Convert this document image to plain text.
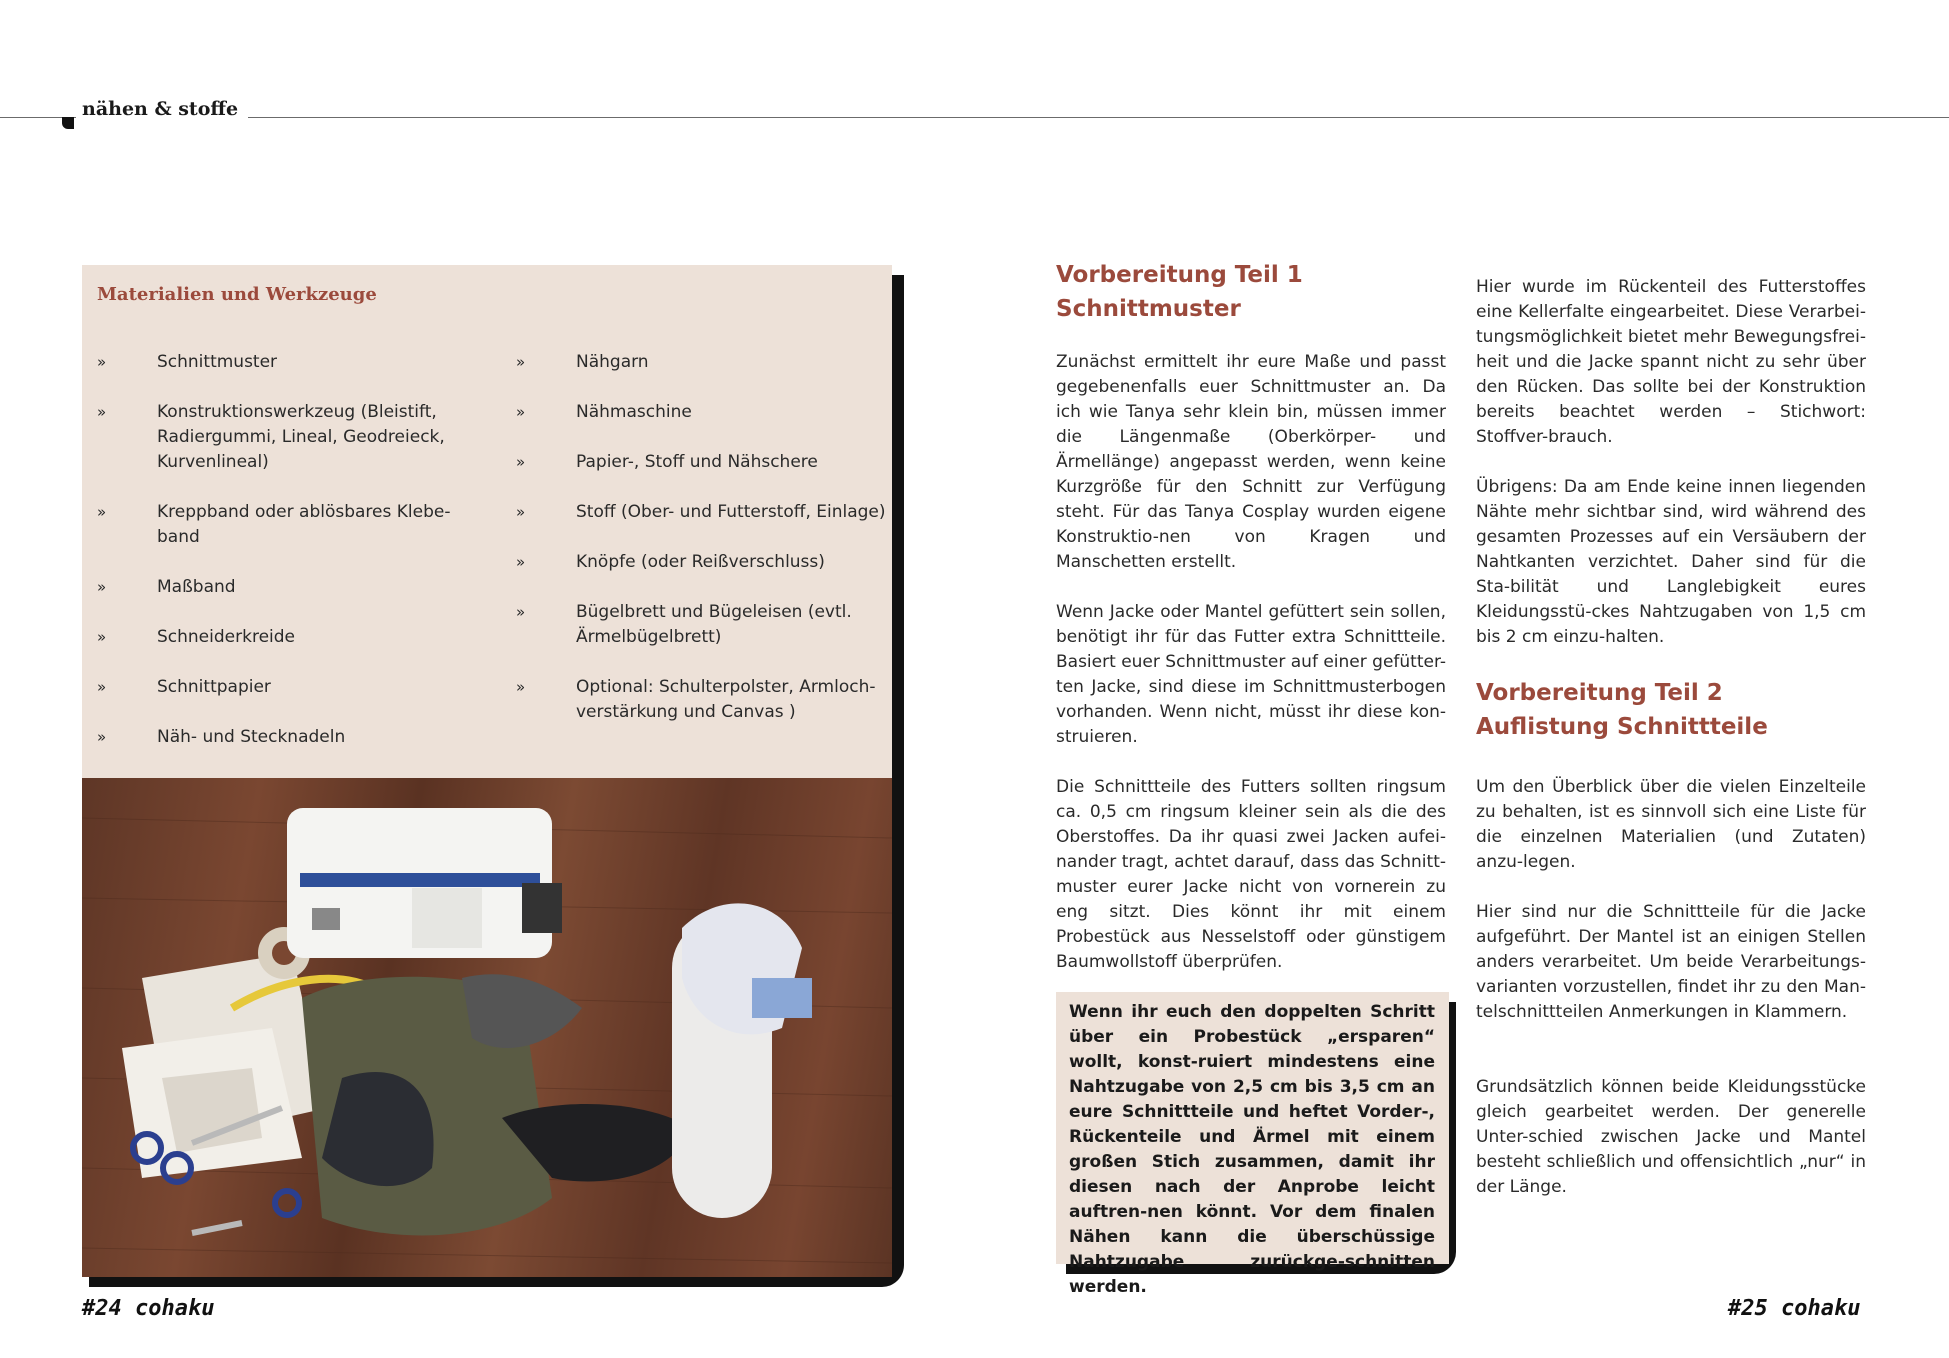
nähen & stoffe
Materialien und Werkzeuge
»	Schnittmuster
»	Konstruktionswerkzeug (Bleistift, Radiergummi, Lineal, Geodreieck, Kurvenlineal)
»	Kreppband oder ablösbares Klebe-band
»	Maßband
»	Schneiderkreide
»	Schnittpapier
»	Näh- und Stecknadeln
»	Nähgarn
»	Nähmaschine
»	Papier-, Stoff und Nähschere
»	Stoff (Ober- und Futterstoff, Einlage)
»	Knöpfe (oder Reißverschluss)
»	Bügelbrett und Bügeleisen (evtl. Ärmelbügelbrett)
»	Optional: Schulterpolster, Armloch-verstärkung und Canvas )
Vorbereitung Teil 1
Schnittmuster

Zunächst ermittelt ihr eure Maße und passt gegebenenfalls euer Schnittmuster an. Da ich wie Tanya sehr klein bin, müssen immer die Längenmaße (Oberkörper- und Ärmellänge) angepasst werden, wenn keine Kurzgröße für den Schnitt zur Verfügung steht. Für das Tanya Cosplay wurden eigene Konstruktio-nen von Kragen und Manschetten erstellt.

Wenn Jacke oder Mantel gefüttert sein sollen, benötigt ihr für das Futter extra Schnittteile. Basiert euer Schnittmuster auf einer gefütter-ten Jacke, sind diese im Schnittmusterbogen vorhanden. Wenn nicht, müsst ihr diese kon-struieren.

Die Schnittteile des Futters sollten ringsum ca. 0,5 cm ringsum kleiner sein als die des Oberstoffes. Da ihr quasi zwei Jacken aufei-nander tragt, achtet darauf, dass das Schnitt-muster eurer Jacke nicht von vornerein zu eng sitzt. Dies könnt ihr mit einem Probestück aus Nesselstoff oder günstigem Baumwollstoff überprüfen.

Wenn ihr euch den doppelten Schritt über ein Probestück „ersparen“ wollt, konst-ruiert mindestens eine Nahtzugabe von 2,5 cm bis 3,5 cm an eure Schnittteile und heftet Vorder-, Rückenteile und Ärmel mit einem großen Stich zusammen, damit ihr diesen nach der Anprobe leicht auftren-nen könnt. Vor dem finalen Nähen kann die überschüssige Nahtzugabe zurückge-schnitten werden.

Hier wurde im Rückenteil des Futterstoffes eine Kellerfalte eingearbeitet. Diese Verarbei-tungsmöglichkeit bietet mehr Bewegungsfrei-heit und die Jacke spannt nicht zu sehr über den Rücken. Das sollte bei der Konstruktion bereits beachtet werden – Stichwort: Stoffver-brauch.

Übrigens: Da am Ende keine innen liegenden Nähte mehr sichtbar sind, wird während des gesamten Prozesses auf ein Versäubern der Nahtkanten verzichtet. Daher sind für die Sta-bilität und Langlebigkeit eures Kleidungsstü-ckes Nahtzugaben von 1,5 cm bis 2 cm einzu-halten.

Vorbereitung Teil 2
Auflistung Schnittteile

Um den Überblick über die vielen Einzelteile zu behalten, ist es sinnvoll sich eine Liste für die einzelnen Materialien (und Zutaten) anzu-legen.

Hier sind nur die Schnittteile für die Jacke aufgeführt. Der Mantel ist an einigen Stellen anders verarbeitet. Um beide Verarbeitungs-varianten vorzustellen, findet ihr zu den Man-telschnittteilen Anmerkungen in Klammern.

Grundsätzlich können beide Kleidungsstücke gleich gearbeitet werden. Der generelle Unter-schied zwischen Jacke und Mantel besteht schließlich und offensichtlich „nur“ in der Länge.

#24 cohaku	#25 cohaku
